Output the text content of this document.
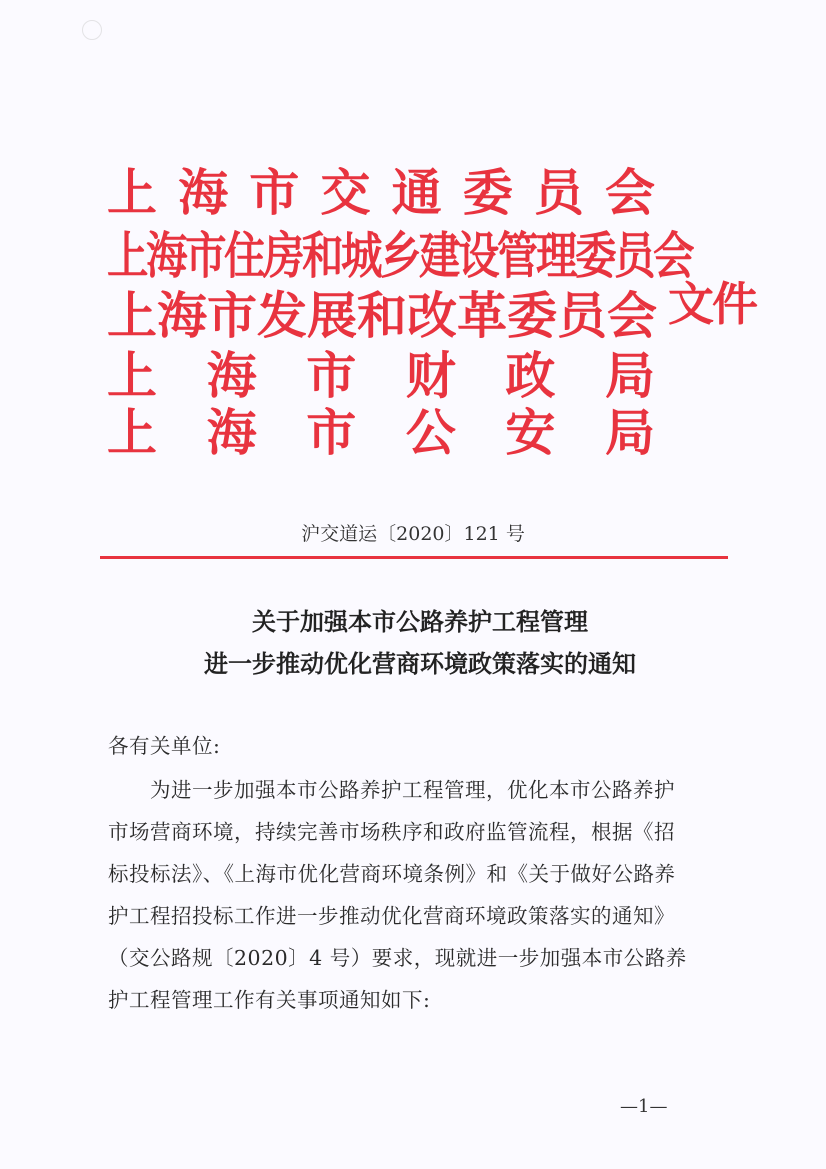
上 海 市 交 通 委 员 会
上
海
市
住
房
和
城
乡
建
设
管
理
委
员
会
上 海 市 发 展 和 改 革 委 员 会
上 海 市 财 政 局
上 海 市 公 安 局
文件
沪交道运〔2020〕121 号
关于加强本市公路养护工程管理
进一步推动优化营商环境政策落实的通知
各有关单位:
为进一步加强本市公路养护工程管理，优化本市公路养护
市场营商环境，持续完善市场秩序和政府监管流程，根据《招
标投标法》、《上海市优化营商环境条例》和《关于做好公路养
护工程招投标工作进一步推动优化营商环境政策落实的通知》
（交公路规〔2020〕4 号）要求，现就进一步加强本市公路养
护工程管理工作有关事项通知如下:
—1—
